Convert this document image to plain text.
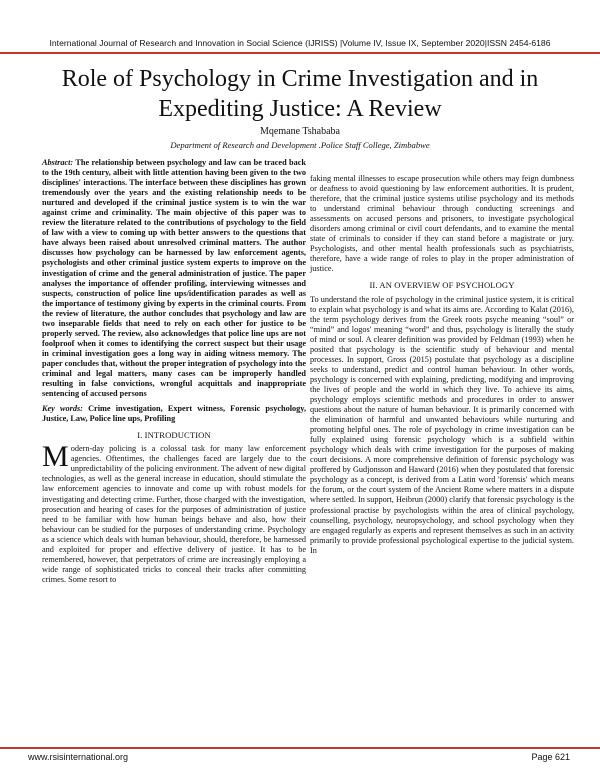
International Journal of Research and Innovation in Social Science (IJRISS) |Volume IV, Issue IX, September 2020|ISSN 2454-6186
Role of Psychology in Crime Investigation and in Expediting Justice: A Review
Mqemane Tshababa
Department of Research and Development .Police Staff College, Zimbabwe
Abstract: The relationship between psychology and law can be traced back to the 19th century, albeit with little attention having been given to the two disciplines' interactions. The interface between these disciplines has grown tremendously over the years and the existing relationship needs to be nurtured and developed if the criminal justice system is to win the war against crime and criminality. The main objective of this paper was to review the literature related to the contributions of psychology to the field of law with a view to coming up with better answers to the questions that have always been raised about unresolved criminal matters. The author discusses how psychology can be harnessed by law enforcement agents, psychologists and other criminal justice system experts to improve on the investigation of crime and the general administration of justice. The paper analyses the importance of offender profiling, interviewing witnesses and suspects, construction of police line ups/identification parades as well as the importance of testimony giving by experts in the criminal courts. From the review of literature, the author concludes that psychology and law are two inseparable fields that need to rely on each other for justice to be properly served. The review, also acknowledges that police line ups are not foolproof when it comes to identifying the correct suspect but their usage in criminal investigation goes a long way in aiding witness memory. The paper concludes that, without the proper integration of psychology into the criminal and legal matters, many cases can be improperly handled resulting in false convictions, wrongful acquittals and inappropriate sentencing of accused persons
Key words: Crime investigation, Expert witness, Forensic psychology, Justice, Law, Police line ups, Profiling
I. INTRODUCTION

Modern-day policing is a colossal task for many law enforcement agencies. Oftentimes, the challenges faced are largely due to the unpredictability of the policing environment. The advent of new digital technologies, as well as the general increase in education, should stimulate the law enforcement agencies to innovate and come up with robust models for investigating and detecting crime. Further, those charged with the investigation, prosecution and hearing of cases for the purposes of administration of justice need to be familiar with how human beings behave and also, how their behaviour can be studied for the purposes of understanding crime. Psychology as a science which deals with human behaviour, should, therefore, be harnessed and exploited for proper and effective delivery of justice. It has to be remembered, however, that perpetrators of crime are increasingly employing a wide range of sophisticated tricks to conceal their tracks after committing crimes. Some resort to

faking mental illnesses to escape prosecution while others may feign dumbness or deafness to avoid questioning by law enforcement authorities. It is prudent, therefore, that the criminal justice systems utilise psychology and its methods to understand criminal behaviour through conducting screenings and assessments on accused persons and prisoners, to investigate psychological disorders among criminal or civil court defendants, and to examine the mental state of criminals to consider if they can stand before a magistrate or jury. Psychologists, and other mental health professionals such as psychiatrists, therefore, have a wide range of roles to play in the proper administration of justice.

II. AN OVERVIEW OF PSYCHOLOGY

To understand the role of psychology in the criminal justice system, it is critical to explain what psychology is and what its aims are. According to Kalat (2016), the term psychology derives from the Greek roots psyche meaning “soul” or “mind” and logos' meaning “word” and thus, psychology is literally the study of mind or soul. A clearer definition was provided by Feldman (1993) when he posited that psychology is the scientific study of behaviour and mental processes. In support, Gross (2015) postulate that psychology as a discipline seeks to understand, predict and control human behaviour. In other words, psychology is concerned with explaining, predicting, modifying and improving the lives of people and the world in which they live. To achieve its aims, psychology employs scientific methods and procedures in order to answer questions about the nature of human behaviour. It is primarily concerned with the elimination of harmful and unwanted behaviours while nurturing and promoting helpful ones. The role of psychology in crime investigation can be fully explained using forensic psychology which is a subfield within psychology which deals with crime investigation for the purposes of making court decisions. A more comprehensive definition of forensic psychology was proffered by Gudjonsson and Haward (2016) when they postulated that forensic psychology as a concept, is derived from a Latin word 'forensis' which means the forum, or the court system of the Ancient Rome where matters in a dispute where settled. In support, Heibrun (2000) clarify that forensic psychology is the professional practise by psychologists within the area of clinical psychology, counselling, psychology, neuropsychology, and school psychology when they are engaged regularly as experts and represent themselves as such in an activity primarily to provide professional psychological expertise to the judicial system. In

www.rsisinternational.org	Page 621
